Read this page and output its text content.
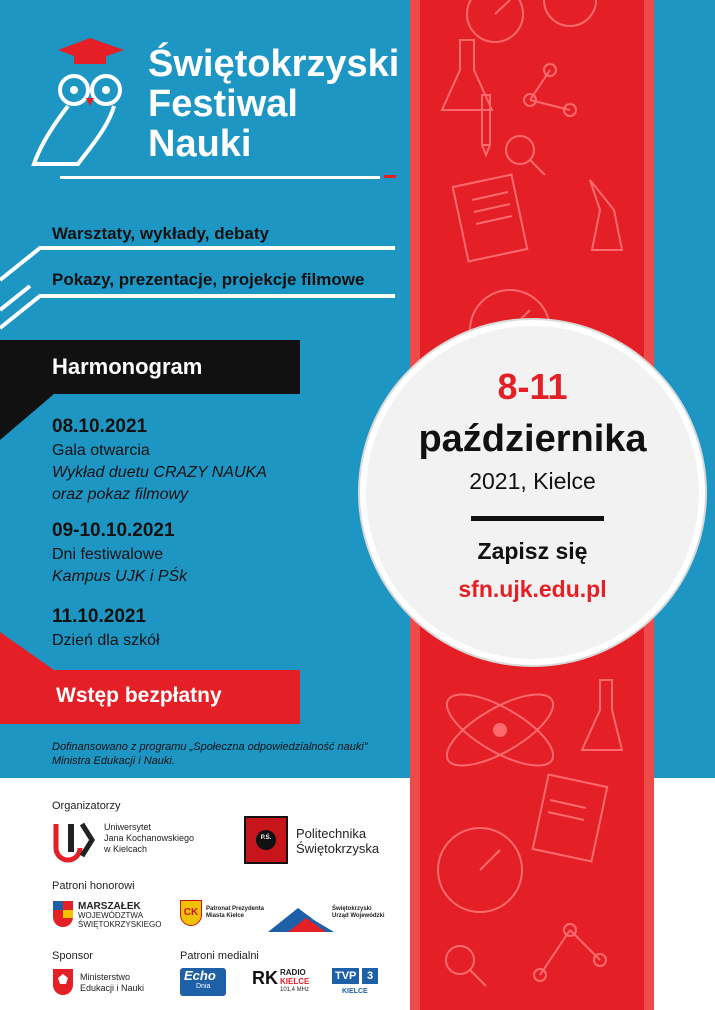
Świętokrzyski
Festiwal
Nauki
Warsztaty, wykłady, debaty
Pokazy, prezentacje, projekcje filmowe
Harmonogram
08.10.2021
Gala otwarcia
Wykład duetu CRAZY NAUKA
oraz pokaz filmowy
09-10.10.2021
Dni festiwalowe
Kampus UJK i PŚk
11.10.2021
Dzień dla szkół
Wstęp bezpłatny
Dofinansowano z programu „Społeczna odpowiedzialność nauki”
Ministra Edukacji i Nauki.
8-11
października
2021, Kielce
Zapisz się
sfn.ujk.edu.pl
Organizatorzy
Uniwersytet
Jana Kochanowskiego
w Kielcach
P.Ś. Politechnika
Świętokrzyska
Patroni honorowi
MARSZAŁEK
WOJEWÓDZTWA
ŚWIĘTOKRZYSKIEGO
CK	Patronat Prezydenta
Miasta Kielce
Świętokrzyski
Urząd Wojewódzki
Sponsor
Ministerstwo
Edukacji i Nauki
Patroni medialni
Echo
Dnia	RK RADIO
KIELCE
101,4 MHz
TVP 3
KIELCE
